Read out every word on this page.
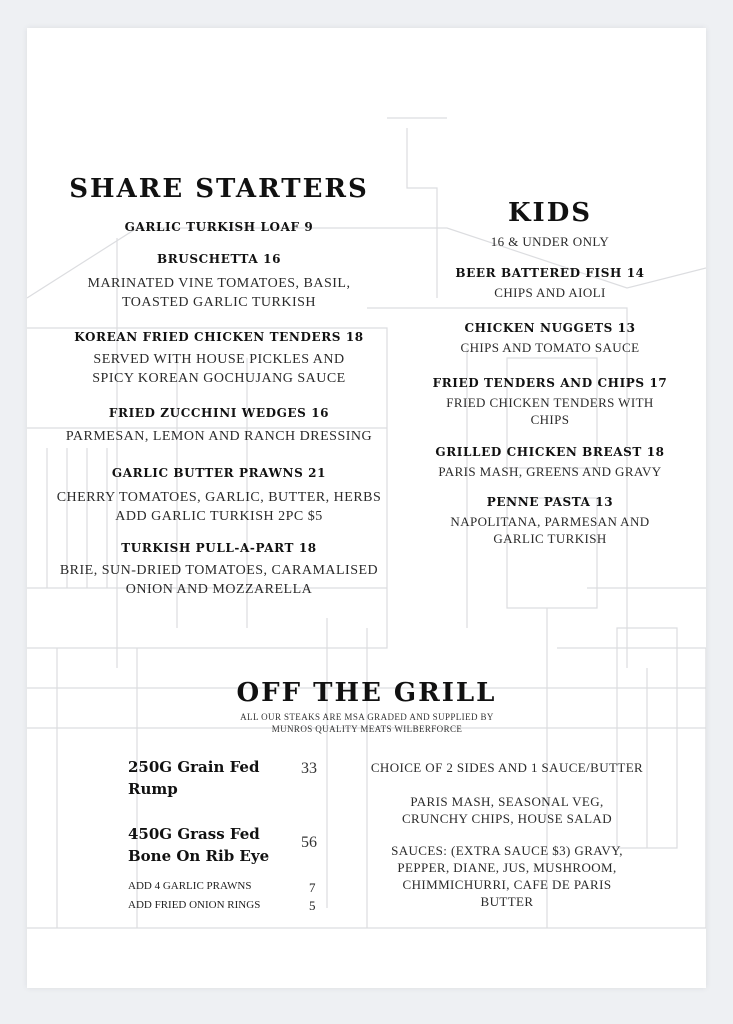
SHARE STARTERS
GARLIC TURKISH LOAF 9
BRUSCHETTA 16
MARINATED VINE TOMATOES, BASIL, TOASTED GARLIC TURKISH
KOREAN FRIED CHICKEN TENDERS 18
SERVED WITH HOUSE PICKLES AND SPICY KOREAN GOCHUJANG SAUCE
FRIED ZUCCHINI WEDGES 16
PARMESAN, LEMON AND RANCH DRESSING
GARLIC BUTTER PRAWNS 21
CHERRY TOMATOES, GARLIC, BUTTER, HERBS
ADD GARLIC TURKISH 2PC $5
TURKISH PULL-A-PART 18
BRIE, SUN-DRIED TOMATOES, CARAMALISED ONION AND MOZZARELLA
KIDS
16 & UNDER ONLY
BEER BATTERED FISH 14
CHIPS AND AIOLI
CHICKEN NUGGETS 13
CHIPS AND TOMATO SAUCE
FRIED TENDERS AND CHIPS 17
FRIED CHICKEN TENDERS WITH CHIPS
GRILLED CHICKEN BREAST 18
PARIS MASH, GREENS AND GRAVY
PENNE PASTA 13
NAPOLITANA, PARMESAN AND GARLIC TURKISH
OFF THE GRILL
ALL OUR STEAKS ARE MSA GRADED AND SUPPLIED BY MUNROS QUALITY MEATS WILBERFORCE
250G Grain Fed Rump
33
450G Grass Fed Bone On Rib Eye
56
ADD 4 GARLIC PRAWNS	7
ADD FRIED ONION RINGS	5
CHOICE OF 2 SIDES AND 1 SAUCE/BUTTER
PARIS MASH, SEASONAL VEG, CRUNCHY CHIPS, HOUSE SALAD
SAUCES: (EXTRA SAUCE $3) GRAVY, PEPPER, DIANE, JUS, MUSHROOM, CHIMMICHURRI, CAFE DE PARIS BUTTER
